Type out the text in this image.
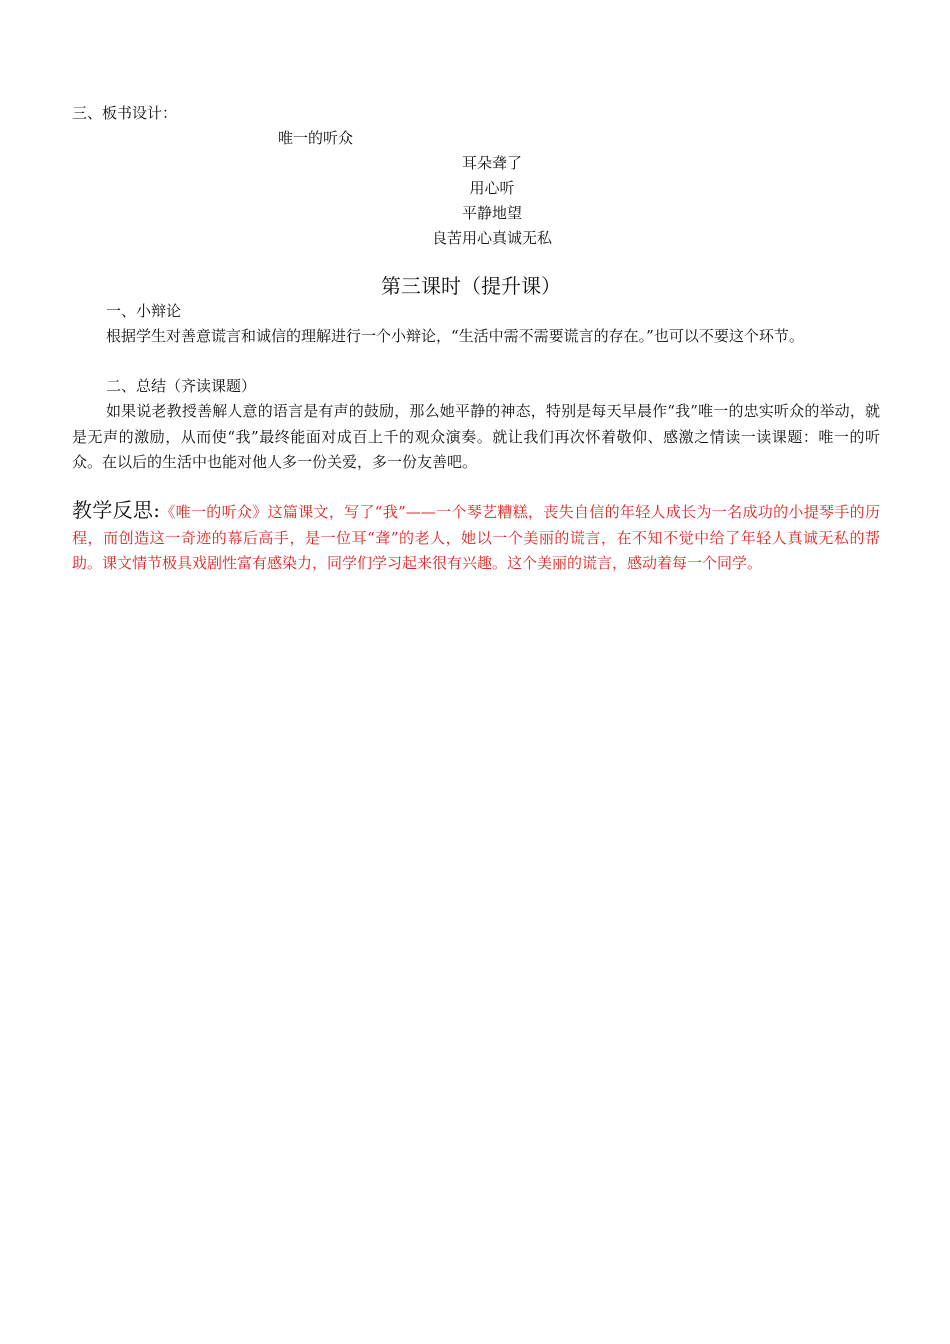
三、板书设计：
唯一的听众
耳朵聋了
用心听
平静地望
良苦用心真诚无私
第三课时（提升课）
一、小辩论
根据学生对善意谎言和诚信的理解进行一个小辩论，“生活中需不需要谎言的存在。”也可以不要这个环节。
二、总结（齐读课题）
如果说老教授善解人意的语言是有声的鼓励，那么她平静的神态，特别是每天早晨作“我”唯一的忠实听众的举动，就是无声的激励，从而使“我”最终能面对成百上千的观众演奏。就让我们再次怀着敬仰、感激之情读一读课题：唯一的听众。在以后的生活中也能对他人多一份关爱，多一份友善吧。
教学反思:《唯一的听众》这篇课文，写了“我”——一个琴艺糟糕，丧失自信的年轻人成长为一名成功的小提琴手的历程，而创造这一奇迹的幕后高手，是一位耳“聋”的老人，她以一个美丽的谎言，在不知不觉中给了年轻人真诚无私的帮助。课文情节极具戏剧性富有感染力，同学们学习起来很有兴趣。这个美丽的谎言，感动着每一个同学。
